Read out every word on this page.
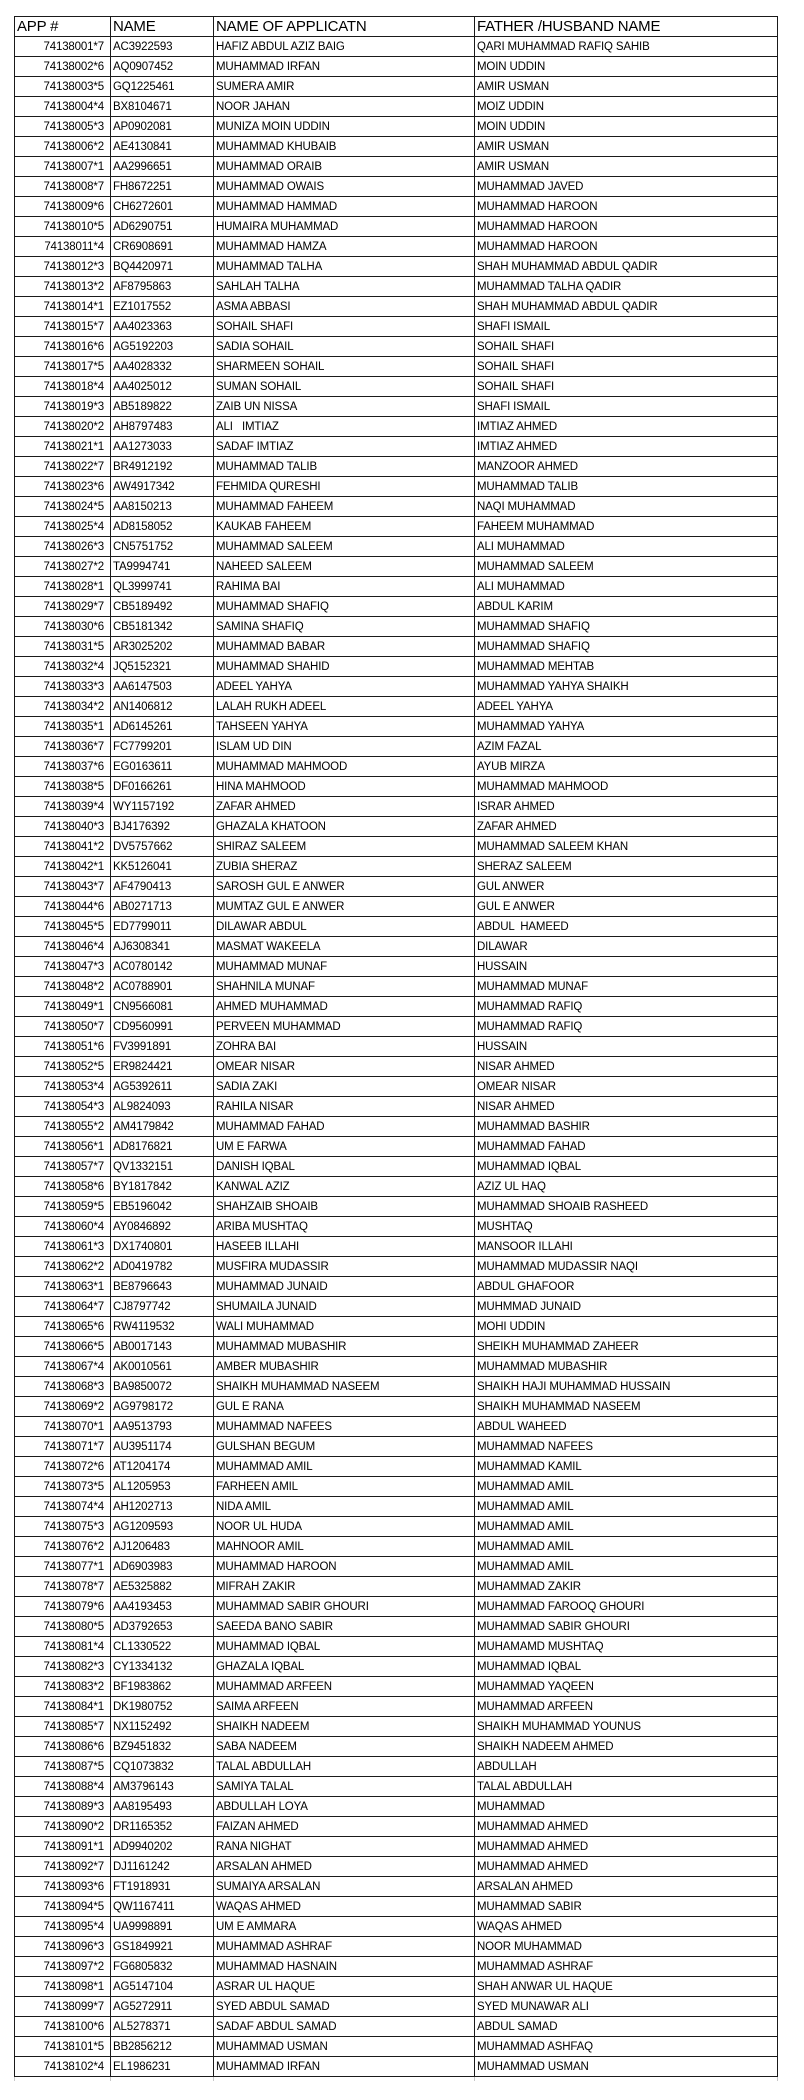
APP #	NAME	NAME OF APPLICATN	FATHER /HUSBAND NAME
74138001*7	AC3922593	HAFIZ ABDUL AZIZ BAIG	QARI MUHAMMAD RAFIQ SAHIB
74138002*6	AQ0907452	MUHAMMAD IRFAN	MOIN UDDIN
74138003*5	GQ1225461	SUMERA AMIR	AMIR USMAN
74138004*4	BX8104671	NOOR JAHAN	MOIZ UDDIN
74138005*3	AP0902081	MUNIZA MOIN UDDIN	MOIN UDDIN
74138006*2	AE4130841	MUHAMMAD KHUBAIB	AMIR USMAN
74138007*1	AA2996651	MUHAMMAD ORAIB	AMIR USMAN
74138008*7	FH8672251	MUHAMMAD OWAIS	MUHAMMAD JAVED
74138009*6	CH6272601	MUHAMMAD HAMMAD	MUHAMMAD HAROON
74138010*5	AD6290751	HUMAIRA MUHAMMAD	MUHAMMAD HAROON
74138011*4	CR6908691	MUHAMMAD HAMZA	MUHAMMAD HAROON
74138012*3	BQ4420971	MUHAMMAD TALHA	SHAH MUHAMMAD ABDUL QADIR
74138013*2	AF8795863	SAHLAH TALHA	MUHAMMAD TALHA QADIR
74138014*1	EZ1017552	ASMA ABBASI	SHAH MUHAMMAD ABDUL QADIR
74138015*7	AA4023363	SOHAIL SHAFI	SHAFI ISMAIL
74138016*6	AG5192203	SADIA SOHAIL	SOHAIL SHAFI
74138017*5	AA4028332	SHARMEEN SOHAIL	SOHAIL SHAFI
74138018*4	AA4025012	SUMAN SOHAIL	SOHAIL SHAFI
74138019*3	AB5189822	ZAIB UN NISSA	SHAFI ISMAIL
74138020*2	AH8797483	ALI   IMTIAZ	IMTIAZ AHMED
74138021*1	AA1273033	SADAF IMTIAZ	IMTIAZ AHMED
74138022*7	BR4912192	MUHAMMAD TALIB	MANZOOR AHMED
74138023*6	AW4917342	FEHMIDA QURESHI	MUHAMMAD TALIB
74138024*5	AA8150213	MUHAMMAD FAHEEM	NAQI MUHAMMAD
74138025*4	AD8158052	KAUKAB FAHEEM	FAHEEM MUHAMMAD
74138026*3	CN5751752	MUHAMMAD SALEEM	ALI MUHAMMAD
74138027*2	TA9994741	NAHEED SALEEM	MUHAMMAD SALEEM
74138028*1	QL3999741	RAHIMA BAI	ALI MUHAMMAD
74138029*7	CB5189492	MUHAMMAD SHAFIQ	ABDUL KARIM
74138030*6	CB5181342	SAMINA SHAFIQ	MUHAMMAD SHAFIQ
74138031*5	AR3025202	MUHAMMAD BABAR	MUHAMMAD SHAFIQ
74138032*4	JQ5152321	MUHAMMAD SHAHID	MUHAMMAD MEHTAB
74138033*3	AA6147503	ADEEL YAHYA	MUHAMMAD YAHYA SHAIKH
74138034*2	AN1406812	LALAH RUKH ADEEL	ADEEL YAHYA
74138035*1	AD6145261	TAHSEEN YAHYA	MUHAMMAD YAHYA
74138036*7	FC7799201	ISLAM UD DIN	AZIM FAZAL
74138037*6	EG0163611	MUHAMMAD MAHMOOD	AYUB MIRZA
74138038*5	DF0166261	HINA MAHMOOD	MUHAMMAD MAHMOOD
74138039*4	WY1157192	ZAFAR AHMED	ISRAR AHMED
74138040*3	BJ4176392	GHAZALA KHATOON	ZAFAR AHMED
74138041*2	DV5757662	SHIRAZ SALEEM	MUHAMMAD SALEEM KHAN
74138042*1	KK5126041	ZUBIA SHERAZ	SHERAZ SALEEM
74138043*7	AF4790413	SAROSH GUL E ANWER	GUL ANWER
74138044*6	AB0271713	MUMTAZ GUL E ANWER	GUL E ANWER
74138045*5	ED7799011	DILAWAR ABDUL	ABDUL  HAMEED
74138046*4	AJ6308341	MASMAT WAKEELA	DILAWAR
74138047*3	AC0780142	MUHAMMAD MUNAF	HUSSAIN
74138048*2	AC0788901	SHAHNILA MUNAF	MUHAMMAD MUNAF
74138049*1	CN9566081	AHMED MUHAMMAD	MUHAMMAD RAFIQ
74138050*7	CD9560991	PERVEEN MUHAMMAD	MUHAMMAD RAFIQ
74138051*6	FV3991891	ZOHRA BAI	HUSSAIN
74138052*5	ER9824421	OMEAR NISAR	NISAR AHMED
74138053*4	AG5392611	SADIA ZAKI	OMEAR NISAR
74138054*3	AL9824093	RAHILA NISAR	NISAR AHMED
74138055*2	AM4179842	MUHAMMAD FAHAD	MUHAMMAD BASHIR
74138056*1	AD8176821	UM E FARWA	MUHAMMAD FAHAD
74138057*7	QV1332151	DANISH IQBAL	MUHAMMAD IQBAL
74138058*6	BY1817842	KANWAL AZIZ	AZIZ UL HAQ
74138059*5	EB5196042	SHAHZAIB SHOAIB	MUHAMMAD SHOAIB RASHEED
74138060*4	AY0846892	ARIBA MUSHTAQ	MUSHTAQ
74138061*3	DX1740801	HASEEB ILLAHI	MANSOOR ILLAHI
74138062*2	AD0419782	MUSFIRA MUDASSIR	MUHAMMAD MUDASSIR NAQI
74138063*1	BE8796643	MUHAMMAD JUNAID	ABDUL GHAFOOR
74138064*7	CJ8797742	SHUMAILA JUNAID	MUHMMAD JUNAID
74138065*6	RW4119532	WALI MUHAMMAD	MOHI UDDIN
74138066*5	AB0017143	MUHAMMAD MUBASHIR	SHEIKH MUHAMMAD ZAHEER
74138067*4	AK0010561	AMBER MUBASHIR	MUHAMMAD MUBASHIR
74138068*3	BA9850072	SHAIKH MUHAMMAD NASEEM	SHAIKH HAJI MUHAMMAD HUSSAIN
74138069*2	AG9798172	GUL E RANA	SHAIKH MUHAMMAD NASEEM
74138070*1	AA9513793	MUHAMMAD NAFEES	ABDUL WAHEED
74138071*7	AU3951174	GULSHAN BEGUM	MUHAMMAD NAFEES
74138072*6	AT1204174	MUHAMMAD AMIL	MUHAMMAD KAMIL
74138073*5	AL1205953	FARHEEN AMIL	MUHAMMAD AMIL
74138074*4	AH1202713	NIDA AMIL	MUHAMMAD AMIL
74138075*3	AG1209593	NOOR UL HUDA	MUHAMMAD AMIL
74138076*2	AJ1206483	MAHNOOR AMIL	MUHAMMAD AMIL
74138077*1	AD6903983	MUHAMMAD HAROON	MUHAMMAD AMIL
74138078*7	AE5325882	MIFRAH ZAKIR	MUHAMMAD ZAKIR
74138079*6	AA4193453	MUHAMMAD SABIR GHOURI	MUHAMMAD FAROOQ GHOURI
74138080*5	AD3792653	SAEEDA BANO SABIR	MUHAMMAD SABIR GHOURI
74138081*4	CL1330522	MUHAMMAD IQBAL	MUHAMAMD MUSHTAQ
74138082*3	CY1334132	GHAZALA IQBAL	MUHAMMAD IQBAL
74138083*2	BF1983862	MUHAMMAD ARFEEN	MUHAMMAD YAQEEN
74138084*1	DK1980752	SAIMA ARFEEN	MUHAMMAD ARFEEN
74138085*7	NX1152492	SHAIKH NADEEM	SHAIKH MUHAMMAD YOUNUS
74138086*6	BZ9451832	SABA NADEEM	SHAIKH NADEEM AHMED
74138087*5	CQ1073832	TALAL ABDULLAH	ABDULLAH
74138088*4	AM3796143	SAMIYA TALAL	TALAL ABDULLAH
74138089*3	AA8195493	ABDULLAH LOYA	MUHAMMAD
74138090*2	DR1165352	FAIZAN AHMED	MUHAMMAD AHMED
74138091*1	AD9940202	RANA NIGHAT	MUHAMMAD AHMED
74138092*7	DJ1161242	ARSALAN AHMED	MUHAMMAD AHMED
74138093*6	FT1918931	SUMAIYA ARSALAN	ARSALAN AHMED
74138094*5	QW1167411	WAQAS AHMED	MUHAMMAD SABIR
74138095*4	UA9998891	UM E AMMARA	WAQAS AHMED
74138096*3	GS1849921	MUHAMMAD ASHRAF	NOOR MUHAMMAD
74138097*2	FG6805832	MUHAMMAD HASNAIN	MUHAMMAD ASHRAF
74138098*1	AG5147104	ASRAR UL HAQUE	SHAH ANWAR UL HAQUE
74138099*7	AG5272911	SYED ABDUL SAMAD	SYED MUNAWAR ALI
74138100*6	AL5278371	SADAF ABDUL SAMAD	ABDUL SAMAD
74138101*5	BB2856212	MUHAMMAD USMAN	MUHAMMAD ASHFAQ
74138102*4	EL1986231	MUHAMMAD IRFAN	MUHAMMAD USMAN
